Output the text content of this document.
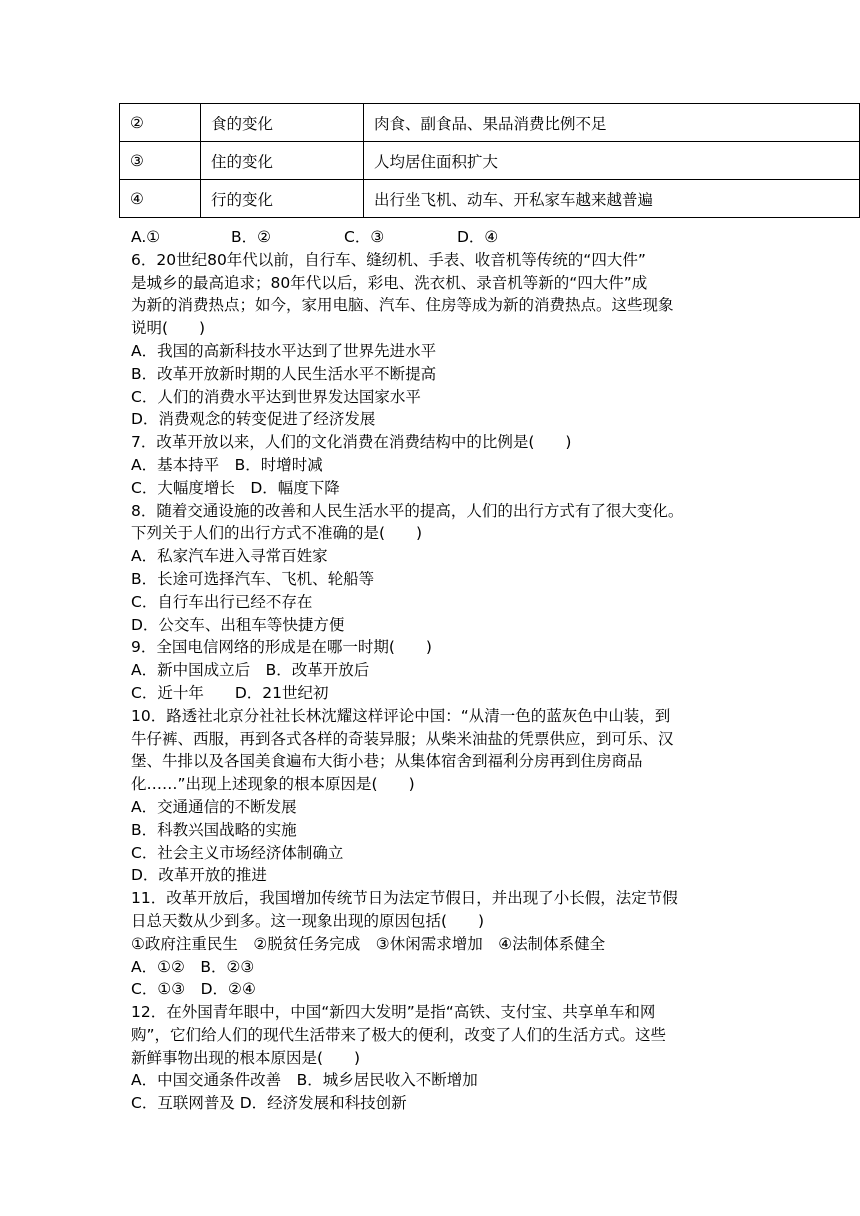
②	食的变化	肉食、副食品、果品消费比例不足
③	住的变化	人均居住面积扩大
④	行的变化	出行坐飞机、动车、开私家车越来越普遍
A.①	B．②	C．③	D．④
6．20世纪80年代以前，自行车、缝纫机、手表、收音机等传统的“四大件”
是城乡的最高追求；80年代以后，彩电、洗衣机、录音机等新的“四大件”成
为新的消费热点；如今，家用电脑、汽车、住房等成为新的消费热点。这些现象
说明(　　)
A．我国的高新科技水平达到了世界先进水平
B．改革开放新时期的人民生活水平不断提高
C．人们的消费水平达到世界发达国家水平
D．消费观念的转变促进了经济发展
7．改革开放以来，人们的文化消费在消费结构中的比例是(　　)
A．基本持平　B．时增时减
C．大幅度增长　D．幅度下降
8．随着交通设施的改善和人民生活水平的提高，人们的出行方式有了很大变化。
下列关于人们的出行方式不准确的是(　　)
A．私家汽车进入寻常百姓家
B．长途可选择汽车、飞机、轮船等
C．自行车出行已经不存在
D．公交车、出租车等快捷方便
9．全国电信网络的形成是在哪一时期(　　)
A．新中国成立后　B．改革开放后
C．近十年　　D．21世纪初
10．路透社北京分社社长林沈耀这样评论中国：“从清一色的蓝灰色中山装，到
牛仔裤、西服，再到各式各样的奇装异服；从柴米油盐的凭票供应，到可乐、汉
堡、牛排以及各国美食遍布大街小巷；从集体宿舍到福利分房再到住房商品
化……”出现上述现象的根本原因是(　　)
A．交通通信的不断发展
B．科教兴国战略的实施
C．社会主义市场经济体制确立
D．改革开放的推进
11．改革开放后，我国增加传统节日为法定节假日，并出现了小长假，法定节假
日总天数从少到多。这一现象出现的原因包括(　　)
①政府注重民生　②脱贫任务完成　③休闲需求增加　④法制体系健全
A．①②　B．②③
C．①③　D．②④
12．在外国青年眼中，中国“新四大发明”是指“高铁、支付宝、共享单车和网
购”，它们给人们的现代生活带来了极大的便利，改变了人们的生活方式。这些
新鲜事物出现的根本原因是(　　)
A．中国交通条件改善　B．城乡居民收入不断增加
C．互联网普及 D．经济发展和科技创新
